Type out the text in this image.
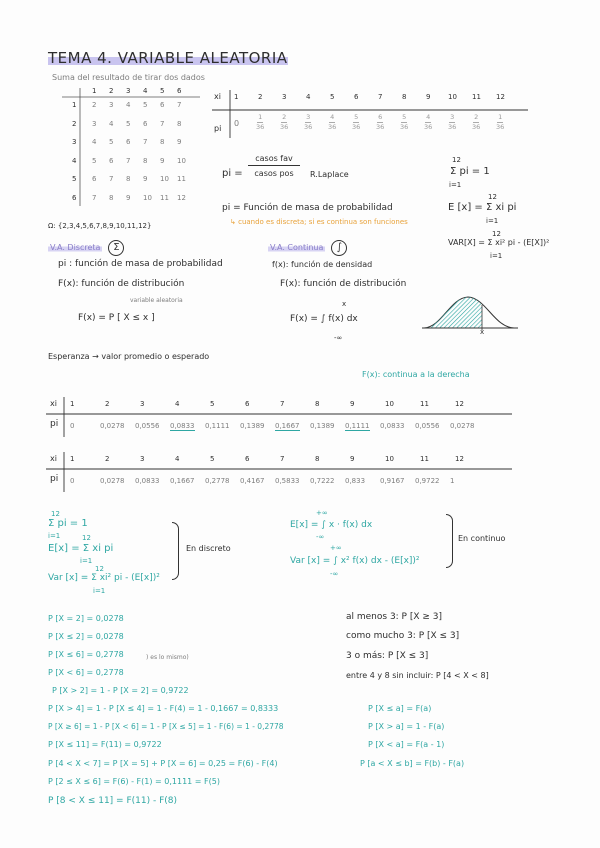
TEMA 4. VARIABLE ALEATORIA
Suma del resultado de tirar dos dados
1 2 3 4 5 6
1 2 3 4 5 6 7
2 3 4 5 6 7 8
3 4 5 6 7 8 9
4 5 6 7 8 9 10
5 6 7 8 9 10 11
6 7 8 9 10 11 12
Ω: {2,3,4,5,6,7,8,9,10,11,12}
xi
pi
1	2	3	4	5	6	7	8	9	10 11 12
0	$\frac{1}{36} \frac{2}{36} \frac{3}{36} \frac{4}{36} \frac{5}{36} \frac{6}{36} \frac{5}{36} \frac{4}{36} \frac{3}{36} \frac{2}{36} \frac{1}{36}$
pi =
casos fav
casos pos	R.Laplace
12
Σ pi = 1
i=1
pi = Función de masa de probabilidad
↳ cuando es discreta; si es continua son funciones
12
E [x] = Σ xi pi
i=1
12
VAR[X] = Σ xi² pi - (E[X])²
i=1
V.A. Discreta Σ	V.A. Continua ∫
pi : función de masa de probabilidad
F(x): función de distribución
f(x): función de densidad
F(x): función de distribución
variable aleatoria
F(x) = P [ X ≤ x ]
x
F(x) = ∫ f(x) dx
-∞
x
Esperanza → valor promedio o esperado
F(x): continua a la derecha
xi
pi
1	2	3	4	5	6	7	8	9	10	11	12
0	0,0278 0,0556 0,0833 0,1111 0,1389 0,1667 0,1389 0,1111 0,0833 0,0556 0,0278
xi
pi
1	2	3	4	5	6	7	8	9	10	11	12
0	0,0278 0,0833 0,1667 0,2778 0,4167 0,5833 0,7222 0,833 0,9167 0,9722 1
12
Σ pi = 1
i=1	12
E[x] = Σ xi pi
i=1
12
Var [x] = Σ xi² pi - (E[x])²
i=1
En discreto
+∞
E[x] = ∫ x · f(x) dx
-∞
+∞
Var [x] = ∫ x² f(x) dx - (E[x])²
-∞
En continuo
P [X = 2] = 0,0278
P [X ≤ 2] = 0,0278
P [X ≤ 6] = 0,2778
P [X < 6] = 0,2778
) es lo mismo)
P [X > 2] = 1 - P [X = 2] = 0,9722
P [X > 4] = 1 - P [X ≤ 4] = 1 - F(4) = 1 - 0,1667 = 0,8333
P [X ≥ 6] = 1 - P [X < 6] = 1 - P [X ≤ 5] = 1 - F(6) = 1 - 0,2778
P [X ≤ 11] = F(11) = 0,9722
P [4 < X < 7] = P [X = 5] + P [X = 6] = 0,25 = F(6) - F(4)
P [2 ≤ X ≤ 6] = F(6) - F(1) = 0,1111 = F(5)
P [8 < X ≤ 11] = F(11) - F(8)
al menos 3: P [X ≥ 3]
como mucho 3: P [X ≤ 3]
3 o más: P [X ≤ 3]
entre 4 y 8 sin incluir: P [4 < X < 8]
P [X ≤ a] = F(a)
P [X > a] = 1 - F(a)
P [X < a] = F(a - 1)
P [a < X ≤ b] = F(b) - F(a)
